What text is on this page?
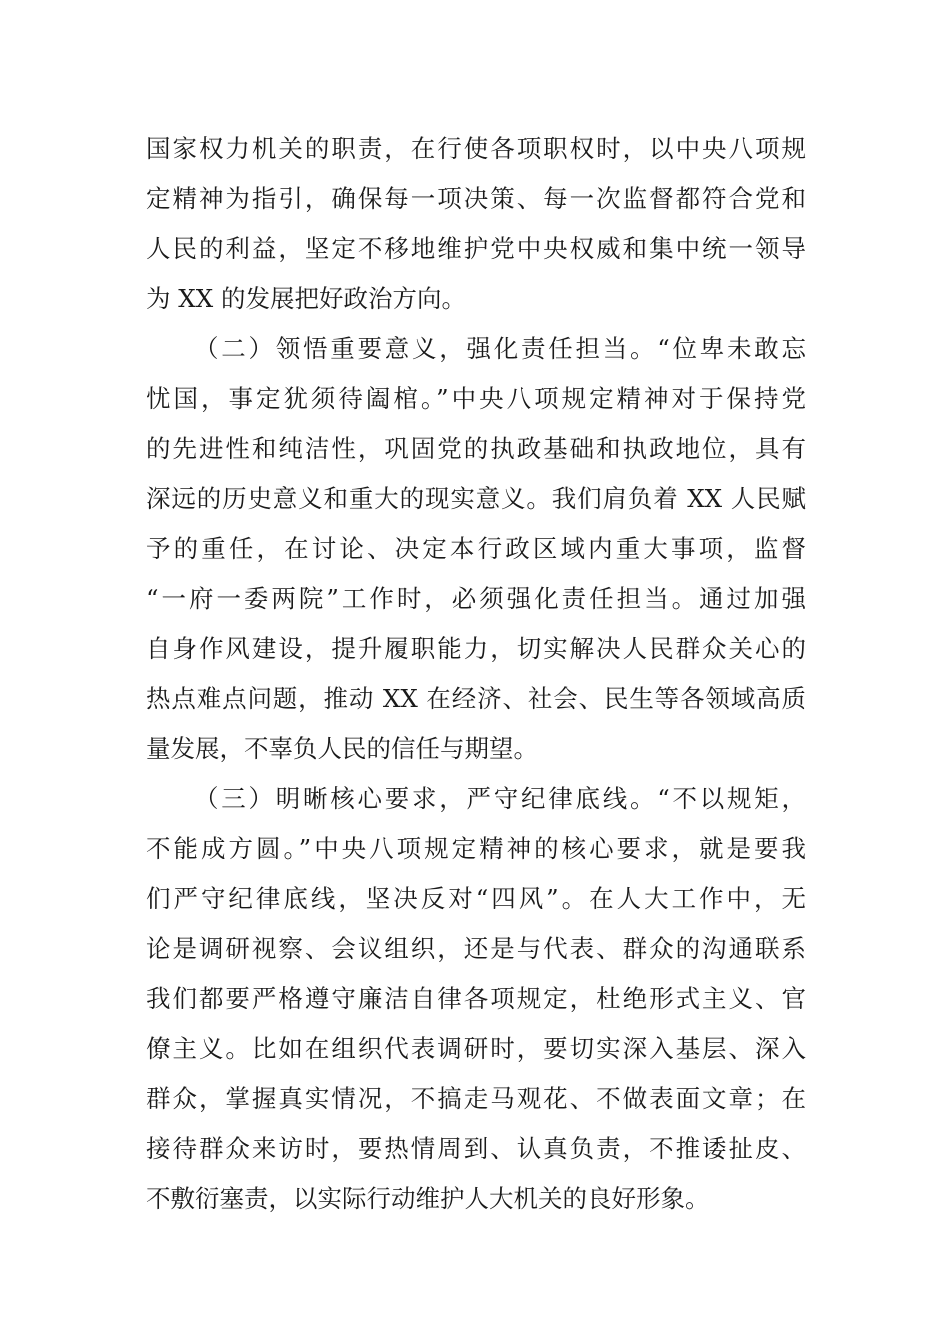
国家权力机关的职责，在行使各项职权时，以中央八项规
定精神为指引，确保每一项决策、每一次监督都符合党和
人民的利益，坚定不移地维护党中央权威和集中统一领导
为 XX 的发展把好政治方向。
（二）领悟重要意义，强化责任担当。“位卑未敢忘
忧国，事定犹须待阖棺。”中央八项规定精神对于保持党
的先进性和纯洁性，巩固党的执政基础和执政地位，具有
深远的历史意义和重大的现实意义。我们肩负着 XX 人民赋
予的重任，在讨论、决定本行政区域内重大事项，监督
“一府一委两院”工作时，必须强化责任担当。通过加强
自身作风建设，提升履职能力，切实解决人民群众关心的
热点难点问题，推动 XX 在经济、社会、民生等各领域高质
量发展，不辜负人民的信任与期望。
（三）明晰核心要求，严守纪律底线。“不以规矩，
不能成方圆。”中央八项规定精神的核心要求，就是要我
们严守纪律底线，坚决反对“四风”。在人大工作中，无
论是调研视察、会议组织，还是与代表、群众的沟通联系
我们都要严格遵守廉洁自律各项规定，杜绝形式主义、官
僚主义。比如在组织代表调研时，要切实深入基层、深入
群众，掌握真实情况，不搞走马观花、不做表面文章；在
接待群众来访时，要热情周到、认真负责，不推诿扯皮、
不敷衍塞责，以实际行动维护人大机关的良好形象。
